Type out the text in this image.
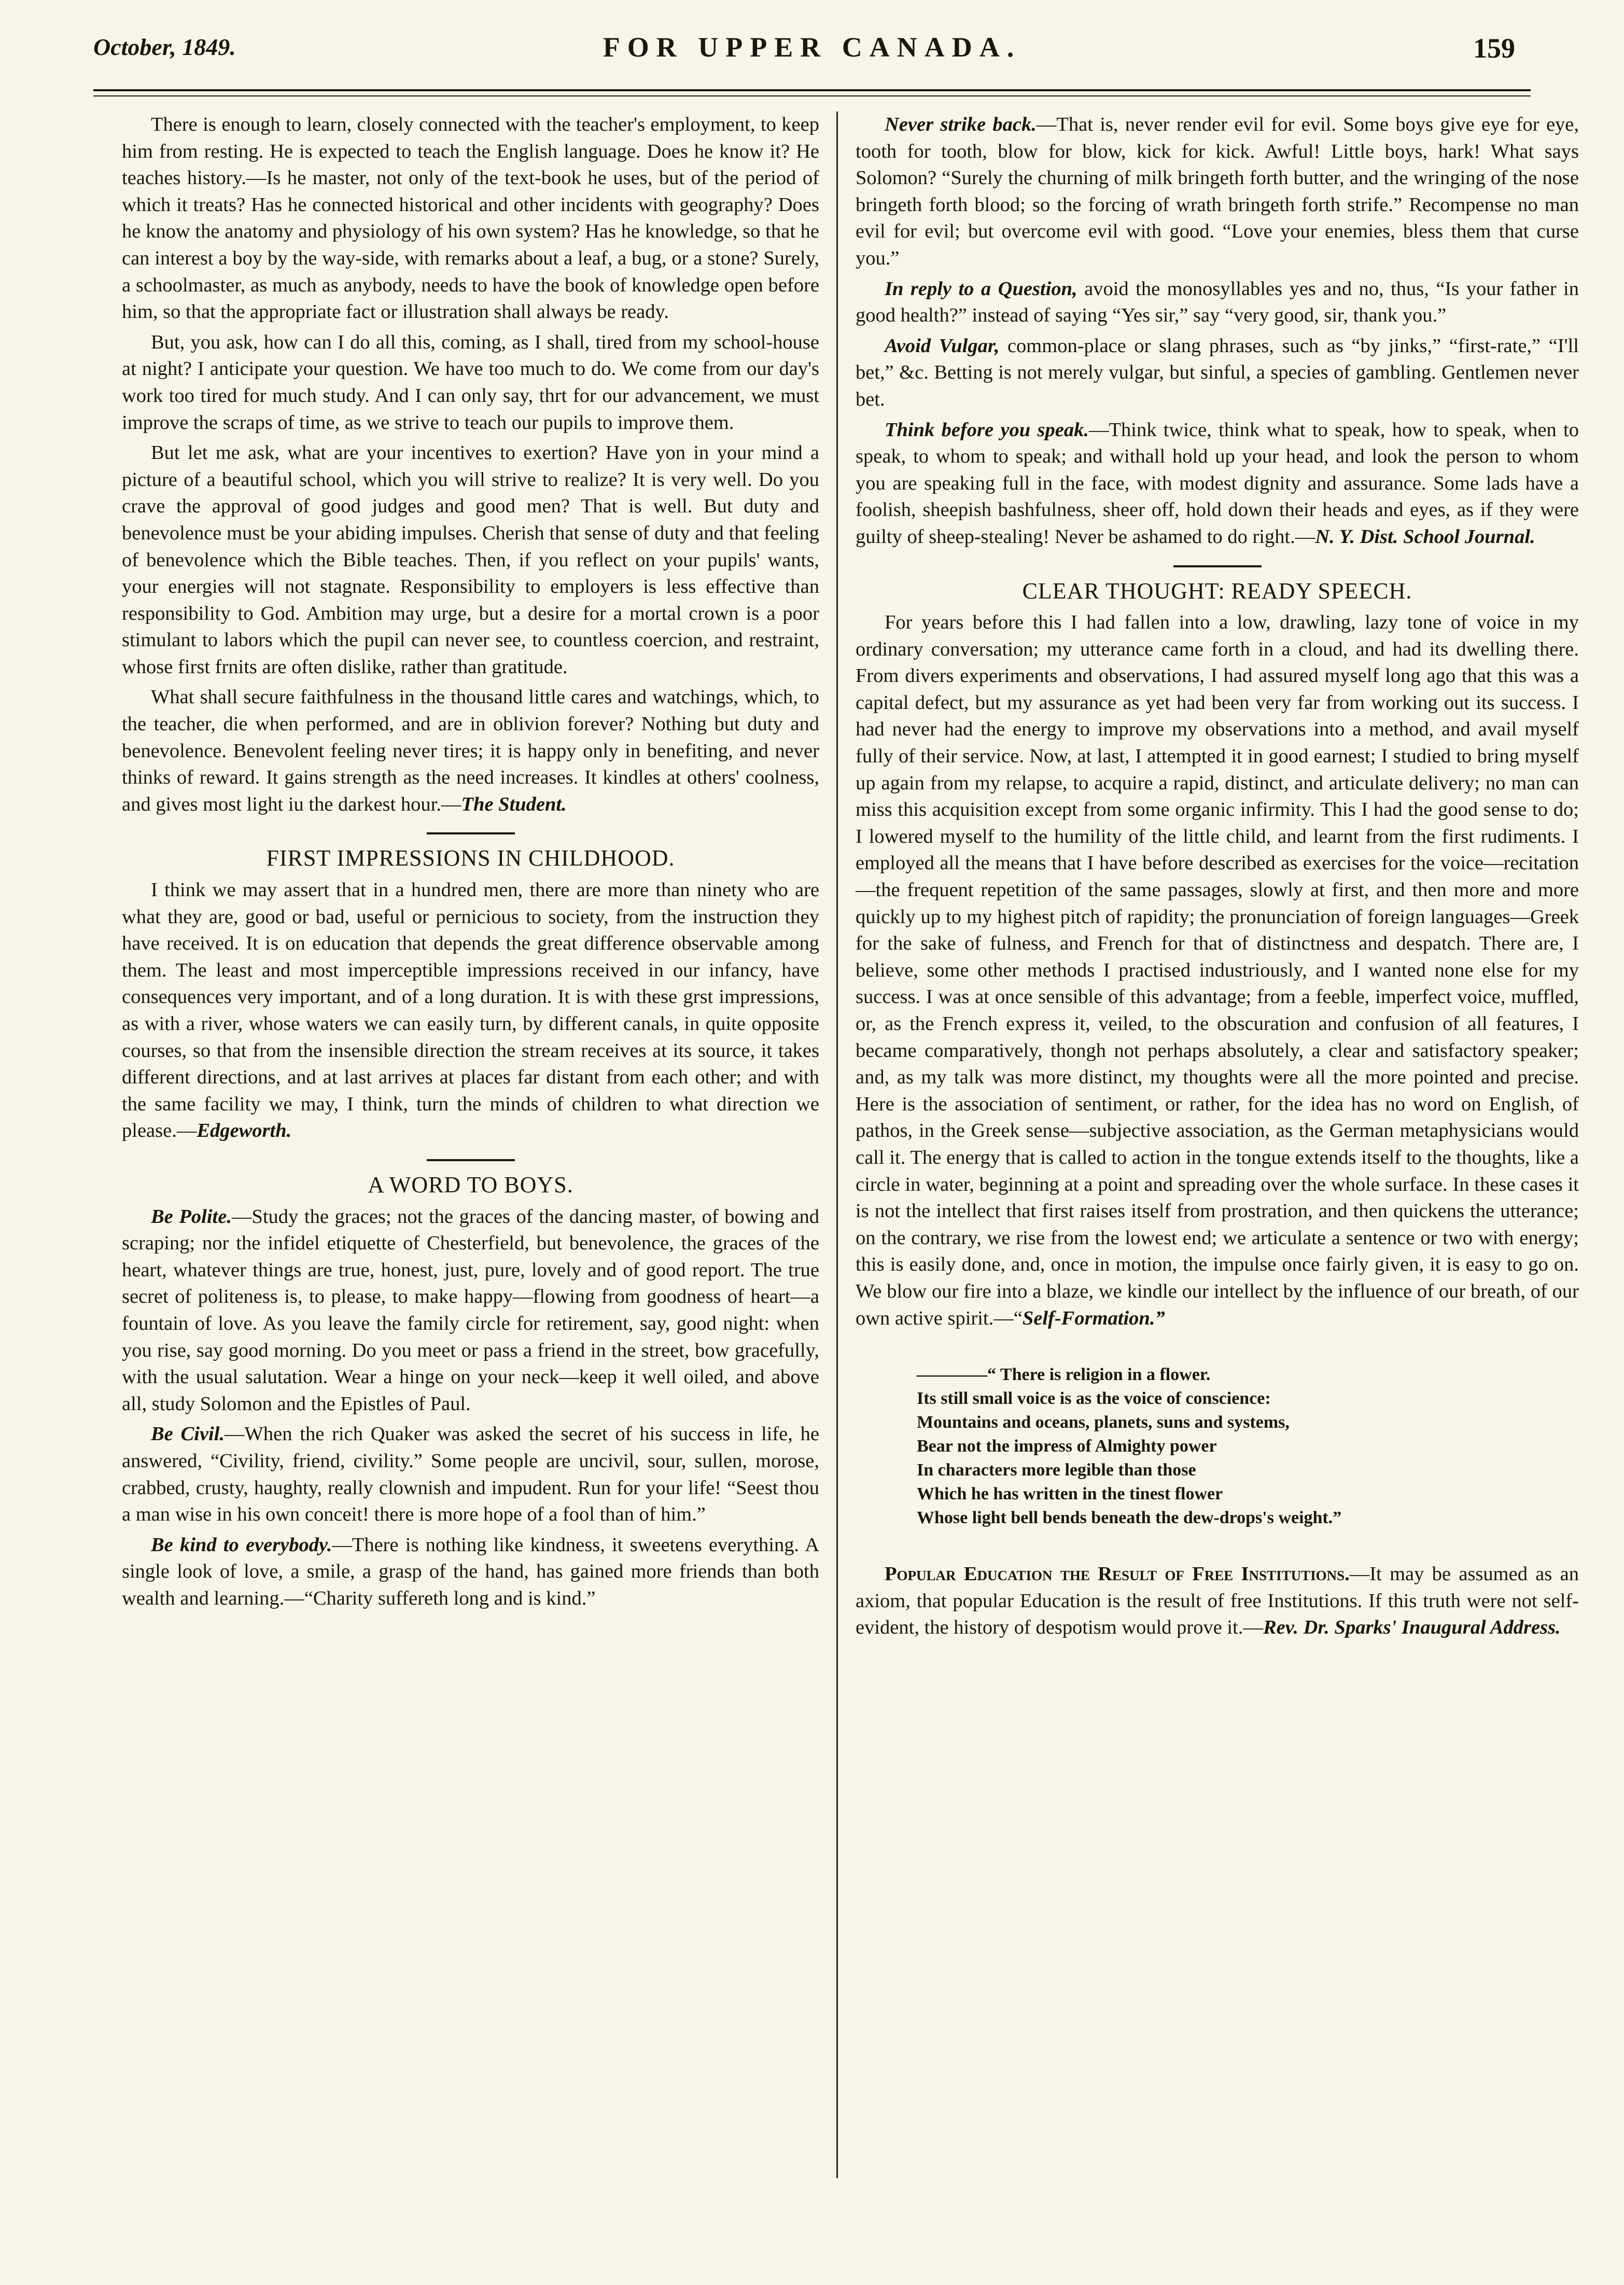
October, 1849.	FOR UPPER CANADA.	159

There is enough to learn, closely connected with the teacher's employment, to keep him from resting. He is expected to teach the English language. Does he know it? He teaches history.—Is he master, not only of the text-book he uses, but of the period of which it treats? Has he connected historical and other incidents with geography? Does he know the anatomy and physiology of his own system? Has he knowledge, so that he can interest a boy by the way-side, with remarks about a leaf, a bug, or a stone? Surely, a schoolmaster, as much as anybody, needs to have the book of knowledge open before him, so that the appropriate fact or illustration shall always be ready.

But, you ask, how can I do all this, coming, as I shall, tired from my school-house at night? I anticipate your question. We have too much to do. We come from our day's work too tired for much study. And I can only say, thrt for our advancement, we must improve the scraps of time, as we strive to teach our pupils to improve them.

But let me ask, what are your incentives to exertion? Have yon in your mind a picture of a beautiful school, which you will strive to realize? It is very well. Do you crave the approval of good judges and good men? That is well. But duty and benevolence must be your abiding impulses. Cherish that sense of duty and that feeling of benevolence which the Bible teaches. Then, if you reflect on your pupils' wants, your energies will not stagnate. Responsibility to employers is less effective than responsibility to God. Ambition may urge, but a desire for a mortal crown is a poor stimulant to labors which the pupil can never see, to countless coercion, and restraint, whose first frnits are often dislike, rather than gratitude.

What shall secure faithfulness in the thousand little cares and watchings, which, to the teacher, die when performed, and are in oblivion forever? Nothing but duty and benevolence. Benevolent feeling never tires; it is happy only in benefiting, and never thinks of reward. It gains strength as the need increases. It kindles at others' coolness, and gives most light iu the darkest hour.—The Student.

FIRST IMPRESSIONS IN CHILDHOOD.

I think we may assert that in a hundred men, there are more than ninety who are what they are, good or bad, useful or pernicious to society, from the instruction they have received. It is on education that depends the great difference observable among them. The least and most imperceptible impressions received in our infancy, have consequences very important, and of a long duration. It is with these grst impressions, as with a river, whose waters we can easily turn, by different canals, in quite opposite courses, so that from the insensible direction the stream receives at its source, it takes different directions, and at last arrives at places far distant from each other; and with the same facility we may, I think, turn the minds of children to what direction we please.—Edgeworth.

A WORD TO BOYS.

Be Polite.—Study the graces; not the graces of the dancing master, of bowing and scraping; nor the infidel etiquette of Chesterfield, but benevolence, the graces of the heart, whatever things are true, honest, just, pure, lovely and of good report. The true secret of politeness is, to please, to make happy—flowing from goodness of heart—a fountain of love. As you leave the family circle for retirement, say, good night: when you rise, say good morning. Do you meet or pass a friend in the street, bow gracefully, with the usual salutation. Wear a hinge on your neck—keep it well oiled, and above all, study Solomon and the Epistles of Paul.

Be Civil.—When the rich Quaker was asked the secret of his success in life, he answered, “Civility, friend, civility.” Some people are uncivil, sour, sullen, morose, crabbed, crusty, haughty, really clownish and impudent. Run for your life! “Seest thou a man wise in his own conceit! there is more hope of a fool than of him.”

Be kind to everybody.—There is nothing like kindness, it sweetens everything. A single look of love, a smile, a grasp of the hand, has gained more friends than both wealth and learning.—“Charity suffereth long and is kind.”

Never strike back.—That is, never render evil for evil. Some boys give eye for eye, tooth for tooth, blow for blow, kick for kick. Awful! Little boys, hark! What says Solomon? “Surely the churning of milk bringeth forth butter, and the wringing of the nose bringeth forth blood; so the forcing of wrath bringeth forth strife.” Recompense no man evil for evil; but overcome evil with good. “Love your enemies, bless them that curse you.”

In reply to a Question, avoid the monosyllables yes and no, thus, “Is your father in good health?” instead of saying “Yes sir,” say “very good, sir, thank you.”

Avoid Vulgar, common-place or slang phrases, such as “by jinks,” “first-rate,” “I'll bet,” &c. Betting is not merely vulgar, but sinful, a species of gambling. Gentlemen never bet.

Think before you speak.—Think twice, think what to speak, how to speak, when to speak, to whom to speak; and withall hold up your head, and look the person to whom you are speaking full in the face, with modest dignity and assurance. Some lads have a foolish, sheepish bashfulness, sheer off, hold down their heads and eyes, as if they were guilty of sheep-stealing! Never be ashamed to do right.—N. Y. Dist. School Journal.

CLEAR THOUGHT: READY SPEECH.

For years before this I had fallen into a low, drawling, lazy tone of voice in my ordinary conversation; my utterance came forth in a cloud, and had its dwelling there. From divers experiments and observations, I had assured myself long ago that this was a capital defect, but my assurance as yet had been very far from working out its success. I had never had the energy to improve my observations into a method, and avail myself fully of their service. Now, at last, I attempted it in good earnest; I studied to bring myself up again from my relapse, to acquire a rapid, distinct, and articulate delivery; no man can miss this acquisition except from some organic infirmity. This I had the good sense to do; I lowered myself to the humility of the little child, and learnt from the first rudiments. I employed all the means that I have before described as exercises for the voice—recitation—the frequent repetition of the same passages, slowly at first, and then more and more quickly up to my highest pitch of rapidity; the pronunciation of foreign languages—Greek for the sake of fulness, and French for that of distinctness and despatch. There are, I believe, some other methods I practised industriously, and I wanted none else for my success. I was at once sensible of this advantage; from a feeble, imperfect voice, muffled, or, as the French express it, veiled, to the obscuration and confusion of all features, I became comparatively, thongh not perhaps absolutely, a clear and satisfactory speaker; and, as my talk was more distinct, my thoughts were all the more pointed and precise. Here is the association of sentiment, or rather, for the idea has no word on English, of pathos, in the Greek sense—subjective association, as the German metaphysicians would call it. The energy that is called to action in the tongue extends itself to the thoughts, like a circle in water, beginning at a point and spreading over the whole surface. In these cases it is not the intellect that first raises itself from prostration, and then quickens the utterance; on the contrary, we rise from the lowest end; we articulate a sentence or two with energy; this is easily done, and, once in motion, the impulse once fairly given, it is easy to go on. We blow our fire into a blaze, we kindle our intellect by the influence of our breath, of our own active spirit.—“Self-Formation.”

————“ There is religion in a flower.
Its still small voice is as the voice of conscience:
Mountains and oceans, planets, suns and systems,
Bear not the impress of Almighty power
In characters more legible than those
Which he has written in the tinest flower
Whose light bell bends beneath the dew-drops's weight.”

Popular Education the Result of Free Institutions.—It may be assumed as an axiom, that popular Education is the result of free Institutions. If this truth were not self-evident, the history of despotism would prove it.—Rev. Dr. Sparks' Inaugural Address.
